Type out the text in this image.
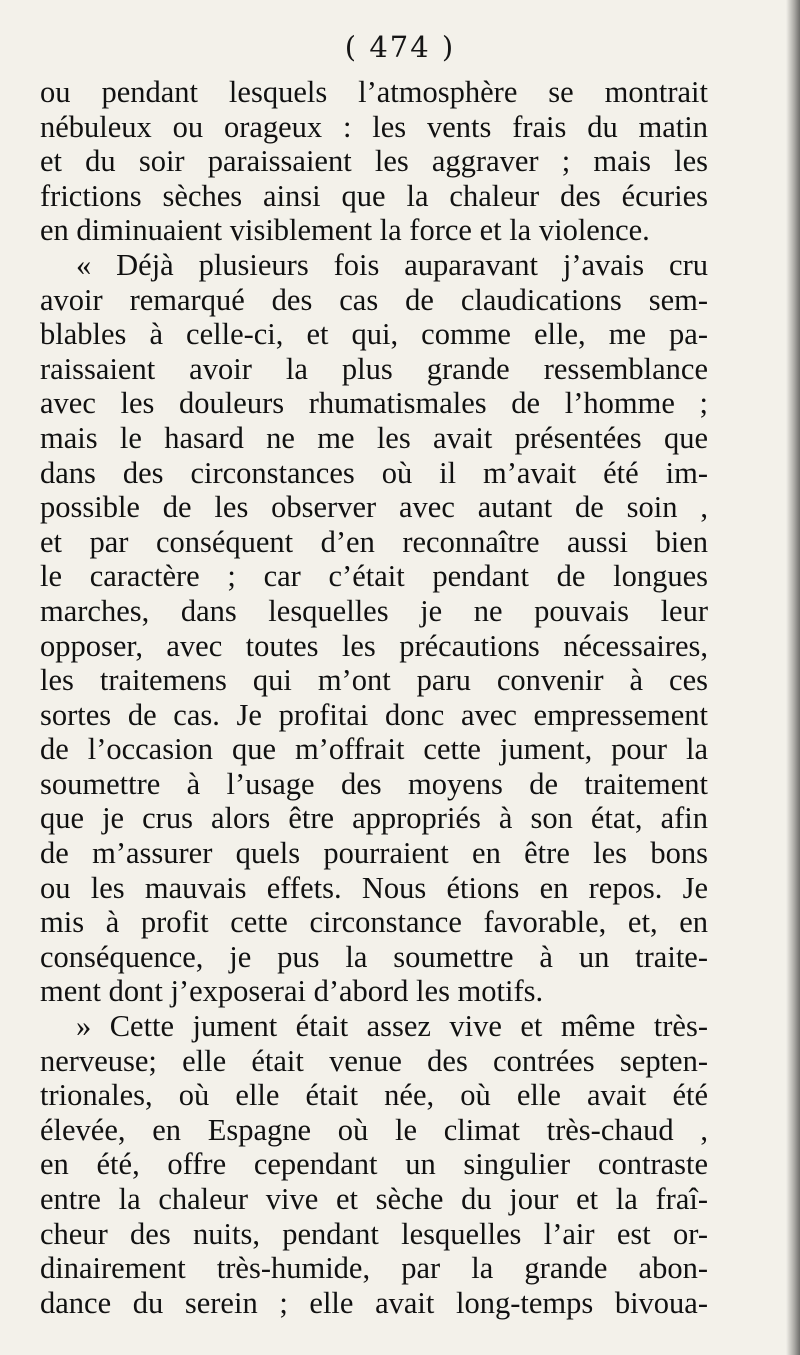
( 474 )
ou pendant lesquels l’atmosphère se montrait
nébuleux ou orageux : les vents frais du matin
et du soir paraissaient les aggraver ; mais les
frictions sèches ainsi que la chaleur des écuries
en diminuaient visiblement la force et la violence.
« Déjà plusieurs fois auparavant j’avais cru
avoir remarqué des cas de claudications sem-
blables à celle-ci, et qui, comme elle, me pa-
raissaient avoir la plus grande ressemblance
avec les douleurs rhumatismales de l’homme ;
mais le hasard ne me les avait présentées que
dans des circonstances où il m’avait été im-
possible de les observer avec autant de soin ,
et par conséquent d’en reconnaître aussi bien
le caractère ; car c’était pendant de longues
marches, dans lesquelles je ne pouvais leur
opposer, avec toutes les précautions nécessaires,
les traitemens qui m’ont paru convenir à ces
sortes de cas. Je profitai donc avec empressement
de l’occasion que m’offrait cette jument, pour la
soumettre à l’usage des moyens de traitement
que je crus alors être appropriés à son état, afin
de m’assurer quels pourraient en être les bons
ou les mauvais effets. Nous étions en repos. Je
mis à profit cette circonstance favorable, et, en
conséquence, je pus la soumettre à un traite-
ment dont j’exposerai d’abord les motifs.
» Cette jument était assez vive et même très-
nerveuse; elle était venue des contrées septen-
trionales, où elle était née, où elle avait été
élevée, en Espagne où le climat très-chaud ,
en été, offre cependant un singulier contraste
entre la chaleur vive et sèche du jour et la fraî-
cheur des nuits, pendant lesquelles l’air est or-
dinairement très-humide, par la grande abon-
dance du serein ; elle avait long-temps bivoua-
